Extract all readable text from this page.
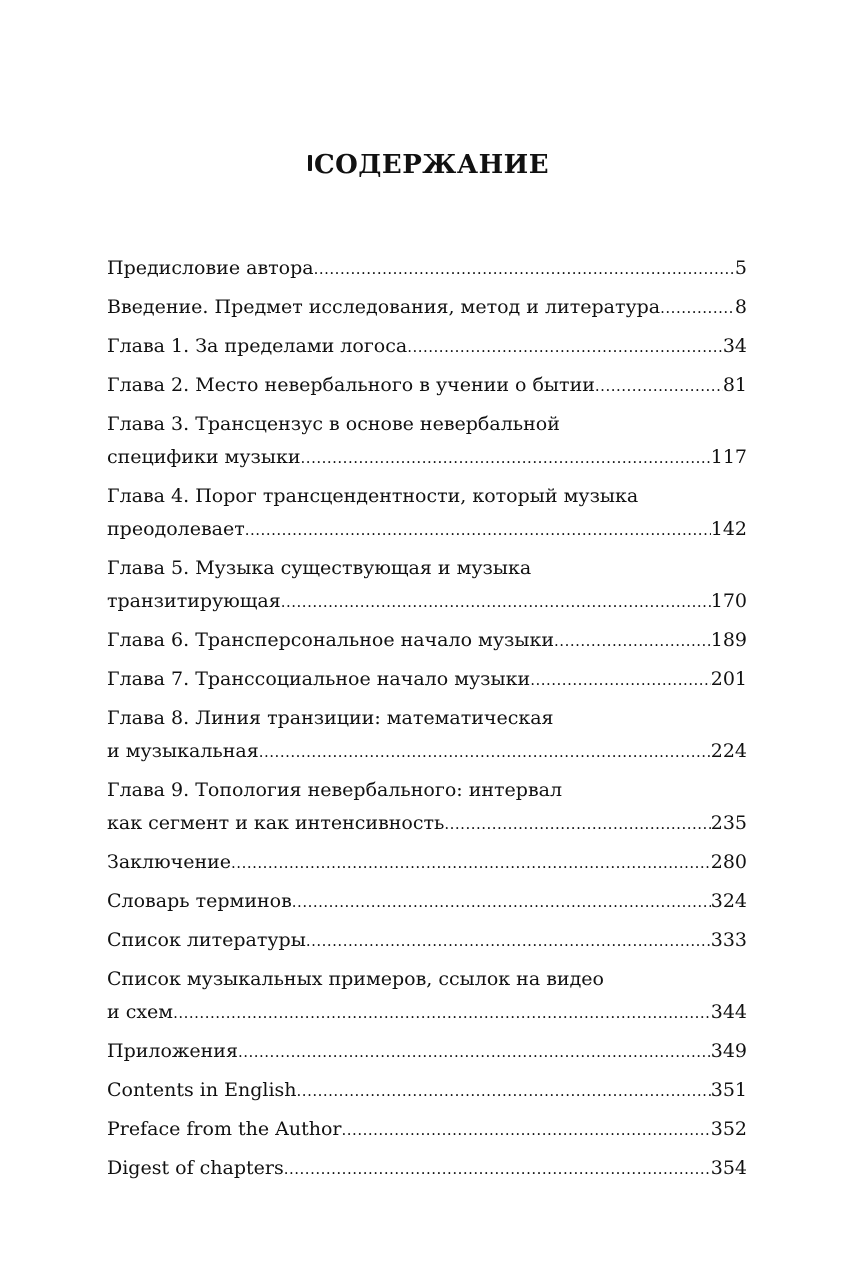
СОДЕРЖАНИЕ
Предисловие автора .....	5
Введение. Предмет исследования, метод и литература .....	8
Глава 1. За пределами логоса .....	34
Глава 2. Место невербального в учении о бытии .....	81
Глава 3. Трансцензус в основе невербальной
специфики музыки .....	117
Глава 4. Порог трансцендентности, который музыка
преодолевает .....	142
Глава 5. Музыка существующая и музыка
транзитирующая .....	170
Глава 6. Трансперсональное начало музыки .....	189
Глава 7. Транссоциальное начало музыки .....	201
Глава 8. Линия транзиции: математическая
и музыкальная .....	224
Глава 9. Топология невербального: интервал
как сегмент и как интенсивность .....	235
Заключение .....	280
Словарь терминов .....	324
Список литературы .....	333
Список музыкальных примеров, ссылок на видео
и схем .....	344
Приложения .....	349
Contents in English .....	351
Preface from the Author .....	352
Digest of chapters .....	354
